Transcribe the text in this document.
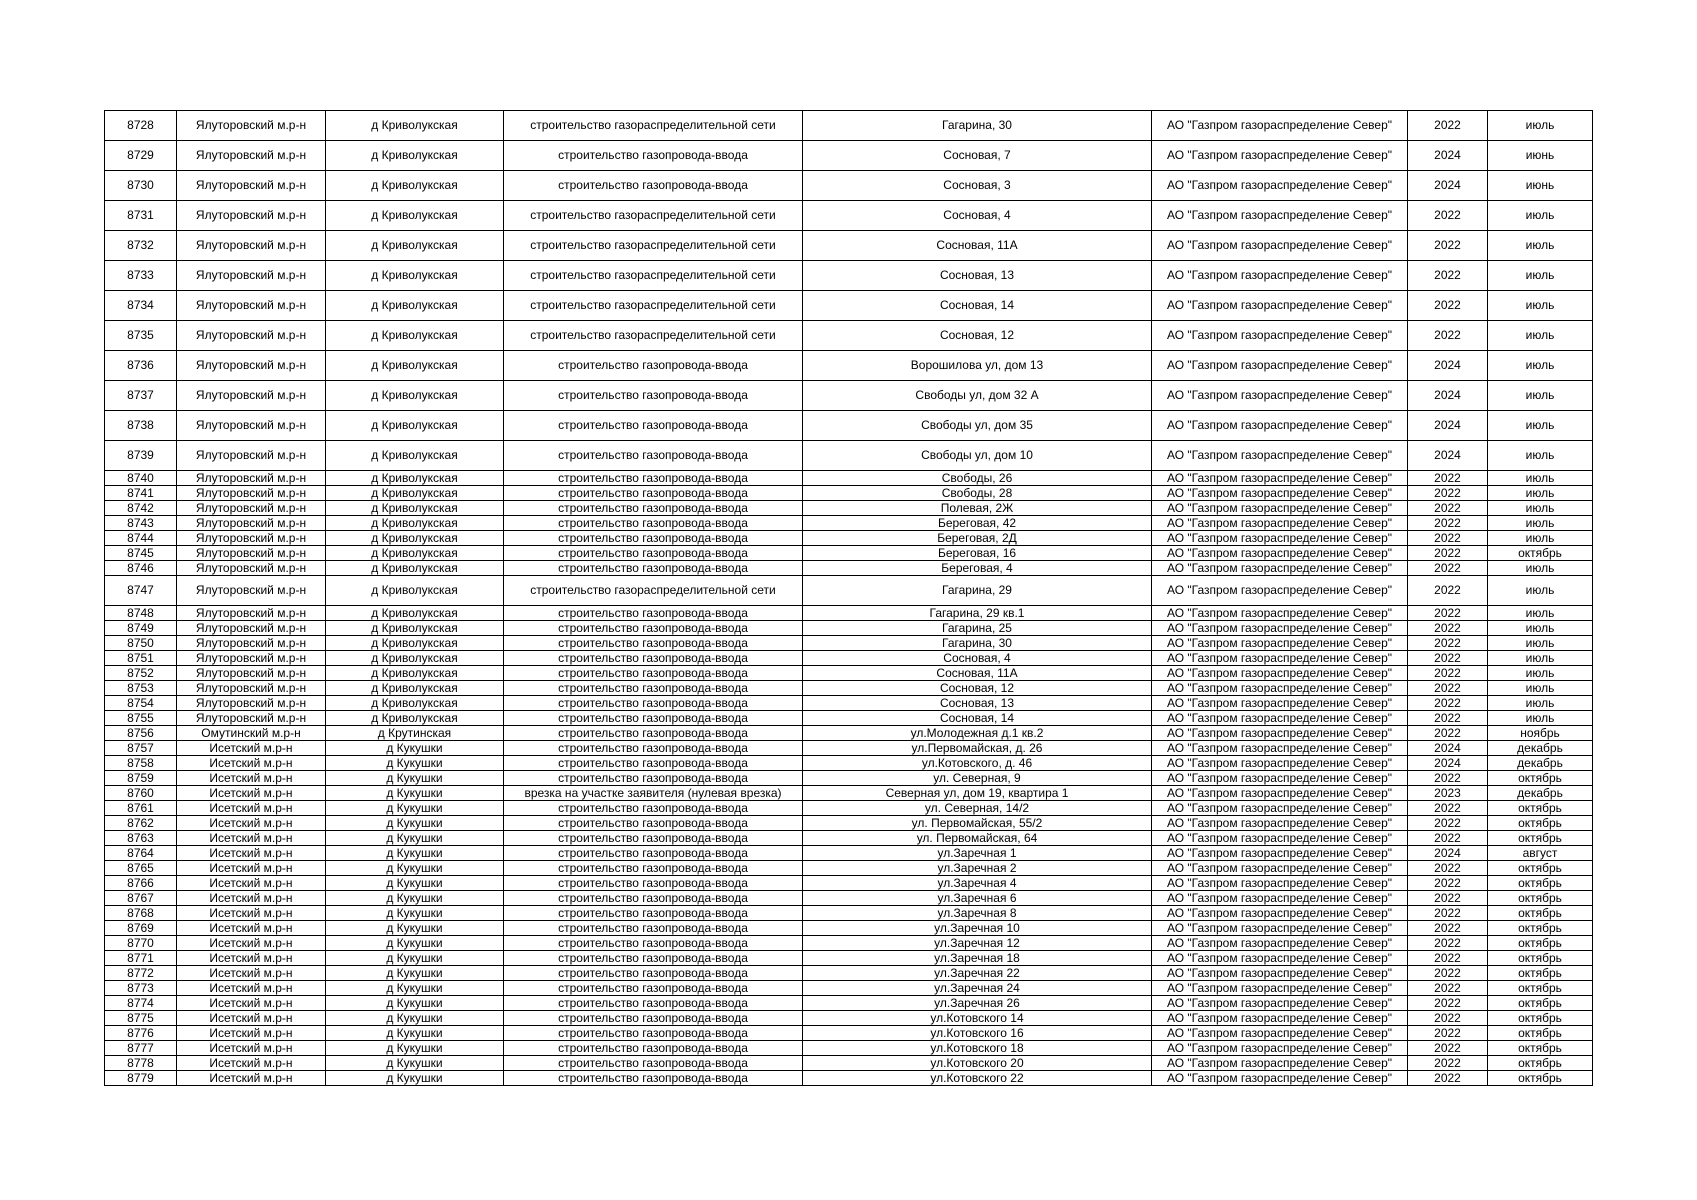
8728	Ялуторовский м.р-н	д Криволукская	строительство газораспределительной сети	Гагарина, 30	АО "Газпром газораспределение Север"	2022	июль
8729	Ялуторовский м.р-н	д Криволукская	строительство газопровода-ввода	Сосновая, 7	АО "Газпром газораспределение Север"	2024	июнь
8730	Ялуторовский м.р-н	д Криволукская	строительство газопровода-ввода	Сосновая, 3	АО "Газпром газораспределение Север"	2024	июнь
8731	Ялуторовский м.р-н	д Криволукская	строительство газораспределительной сети	Сосновая, 4	АО "Газпром газораспределение Север"	2022	июль
8732	Ялуторовский м.р-н	д Криволукская	строительство газораспределительной сети	Сосновая, 11А	АО "Газпром газораспределение Север"	2022	июль
8733	Ялуторовский м.р-н	д Криволукская	строительство газораспределительной сети	Сосновая, 13	АО "Газпром газораспределение Север"	2022	июль
8734	Ялуторовский м.р-н	д Криволукская	строительство газораспределительной сети	Сосновая, 14	АО "Газпром газораспределение Север"	2022	июль
8735	Ялуторовский м.р-н	д Криволукская	строительство газораспределительной сети	Сосновая, 12	АО "Газпром газораспределение Север"	2022	июль
8736	Ялуторовский м.р-н	д Криволукская	строительство газопровода-ввода	Ворошилова ул, дом 13	АО "Газпром газораспределение Север"	2024	июль
8737	Ялуторовский м.р-н	д Криволукская	строительство газопровода-ввода	Свободы ул, дом 32 А	АО "Газпром газораспределение Север"	2024	июль
8738	Ялуторовский м.р-н	д Криволукская	строительство газопровода-ввода	Свободы ул, дом 35	АО "Газпром газораспределение Север"	2024	июль
8739	Ялуторовский м.р-н	д Криволукская	строительство газопровода-ввода	Свободы ул, дом 10	АО "Газпром газораспределение Север"	2024	июль
8740	Ялуторовский м.р-н	д Криволукская	строительство газопровода-ввода	Свободы, 26	АО "Газпром газораспределение Север"	2022	июль
8741	Ялуторовский м.р-н	д Криволукская	строительство газопровода-ввода	Свободы, 28	АО "Газпром газораспределение Север"	2022	июль
8742	Ялуторовский м.р-н	д Криволукская	строительство газопровода-ввода	Полевая, 2Ж	АО "Газпром газораспределение Север"	2022	июль
8743	Ялуторовский м.р-н	д Криволукская	строительство газопровода-ввода	Береговая, 42	АО "Газпром газораспределение Север"	2022	июль
8744	Ялуторовский м.р-н	д Криволукская	строительство газопровода-ввода	Береговая, 2Д	АО "Газпром газораспределение Север"	2022	июль
8745	Ялуторовский м.р-н	д Криволукская	строительство газопровода-ввода	Береговая, 16	АО "Газпром газораспределение Север"	2022	октябрь
8746	Ялуторовский м.р-н	д Криволукская	строительство газопровода-ввода	Береговая, 4	АО "Газпром газораспределение Север"	2022	июль
8747	Ялуторовский м.р-н	д Криволукская	строительство газораспределительной сети	Гагарина, 29	АО "Газпром газораспределение Север"	2022	июль
8748	Ялуторовский м.р-н	д Криволукская	строительство газопровода-ввода	Гагарина, 29 кв.1	АО "Газпром газораспределение Север"	2022	июль
8749	Ялуторовский м.р-н	д Криволукская	строительство газопровода-ввода	Гагарина, 25	АО "Газпром газораспределение Север"	2022	июль
8750	Ялуторовский м.р-н	д Криволукская	строительство газопровода-ввода	Гагарина, 30	АО "Газпром газораспределение Север"	2022	июль
8751	Ялуторовский м.р-н	д Криволукская	строительство газопровода-ввода	Сосновая, 4	АО "Газпром газораспределение Север"	2022	июль
8752	Ялуторовский м.р-н	д Криволукская	строительство газопровода-ввода	Сосновая, 11А	АО "Газпром газораспределение Север"	2022	июль
8753	Ялуторовский м.р-н	д Криволукская	строительство газопровода-ввода	Сосновая, 12	АО "Газпром газораспределение Север"	2022	июль
8754	Ялуторовский м.р-н	д Криволукская	строительство газопровода-ввода	Сосновая, 13	АО "Газпром газораспределение Север"	2022	июль
8755	Ялуторовский м.р-н	д Криволукская	строительство газопровода-ввода	Сосновая, 14	АО "Газпром газораспределение Север"	2022	июль
8756	Омутинский м.р-н	д Крутинская	строительство газопровода-ввода	ул.Молодежная д.1 кв.2	АО "Газпром газораспределение Север"	2022	ноябрь
8757	Исетский м.р-н	д Кукушки	строительство газопровода-ввода	ул.Первомайская, д. 26	АО "Газпром газораспределение Север"	2024	декабрь
8758	Исетский м.р-н	д Кукушки	строительство газопровода-ввода	ул.Котовского, д. 46	АО "Газпром газораспределение Север"	2024	декабрь
8759	Исетский м.р-н	д Кукушки	строительство газопровода-ввода	ул. Северная, 9	АО "Газпром газораспределение Север"	2022	октябрь
8760	Исетский м.р-н	д Кукушки	врезка на участке заявителя (нулевая врезка)	Северная ул, дом 19, квартира 1	АО "Газпром газораспределение Север"	2023	декабрь
8761	Исетский м.р-н	д Кукушки	строительство газопровода-ввода	ул. Северная, 14/2	АО "Газпром газораспределение Север"	2022	октябрь
8762	Исетский м.р-н	д Кукушки	строительство газопровода-ввода	ул. Первомайская, 55/2	АО "Газпром газораспределение Север"	2022	октябрь
8763	Исетский м.р-н	д Кукушки	строительство газопровода-ввода	ул. Первомайская, 64	АО "Газпром газораспределение Север"	2022	октябрь
8764	Исетский м.р-н	д Кукушки	строительство газопровода-ввода	ул.Заречная 1	АО "Газпром газораспределение Север"	2024	август
8765	Исетский м.р-н	д Кукушки	строительство газопровода-ввода	ул.Заречная 2	АО "Газпром газораспределение Север"	2022	октябрь
8766	Исетский м.р-н	д Кукушки	строительство газопровода-ввода	ул.Заречная 4	АО "Газпром газораспределение Север"	2022	октябрь
8767	Исетский м.р-н	д Кукушки	строительство газопровода-ввода	ул.Заречная 6	АО "Газпром газораспределение Север"	2022	октябрь
8768	Исетский м.р-н	д Кукушки	строительство газопровода-ввода	ул.Заречная 8	АО "Газпром газораспределение Север"	2022	октябрь
8769	Исетский м.р-н	д Кукушки	строительство газопровода-ввода	ул.Заречная 10	АО "Газпром газораспределение Север"	2022	октябрь
8770	Исетский м.р-н	д Кукушки	строительство газопровода-ввода	ул.Заречная 12	АО "Газпром газораспределение Север"	2022	октябрь
8771	Исетский м.р-н	д Кукушки	строительство газопровода-ввода	ул.Заречная 18	АО "Газпром газораспределение Север"	2022	октябрь
8772	Исетский м.р-н	д Кукушки	строительство газопровода-ввода	ул.Заречная 22	АО "Газпром газораспределение Север"	2022	октябрь
8773	Исетский м.р-н	д Кукушки	строительство газопровода-ввода	ул.Заречная 24	АО "Газпром газораспределение Север"	2022	октябрь
8774	Исетский м.р-н	д Кукушки	строительство газопровода-ввода	ул.Заречная 26	АО "Газпром газораспределение Север"	2022	октябрь
8775	Исетский м.р-н	д Кукушки	строительство газопровода-ввода	ул.Котовского 14	АО "Газпром газораспределение Север"	2022	октябрь
8776	Исетский м.р-н	д Кукушки	строительство газопровода-ввода	ул.Котовского 16	АО "Газпром газораспределение Север"	2022	октябрь
8777	Исетский м.р-н	д Кукушки	строительство газопровода-ввода	ул.Котовского 18	АО "Газпром газораспределение Север"	2022	октябрь
8778	Исетский м.р-н	д Кукушки	строительство газопровода-ввода	ул.Котовского 20	АО "Газпром газораспределение Север"	2022	октябрь
8779	Исетский м.р-н	д Кукушки	строительство газопровода-ввода	ул.Котовского 22	АО "Газпром газораспределение Север"	2022	октябрь
